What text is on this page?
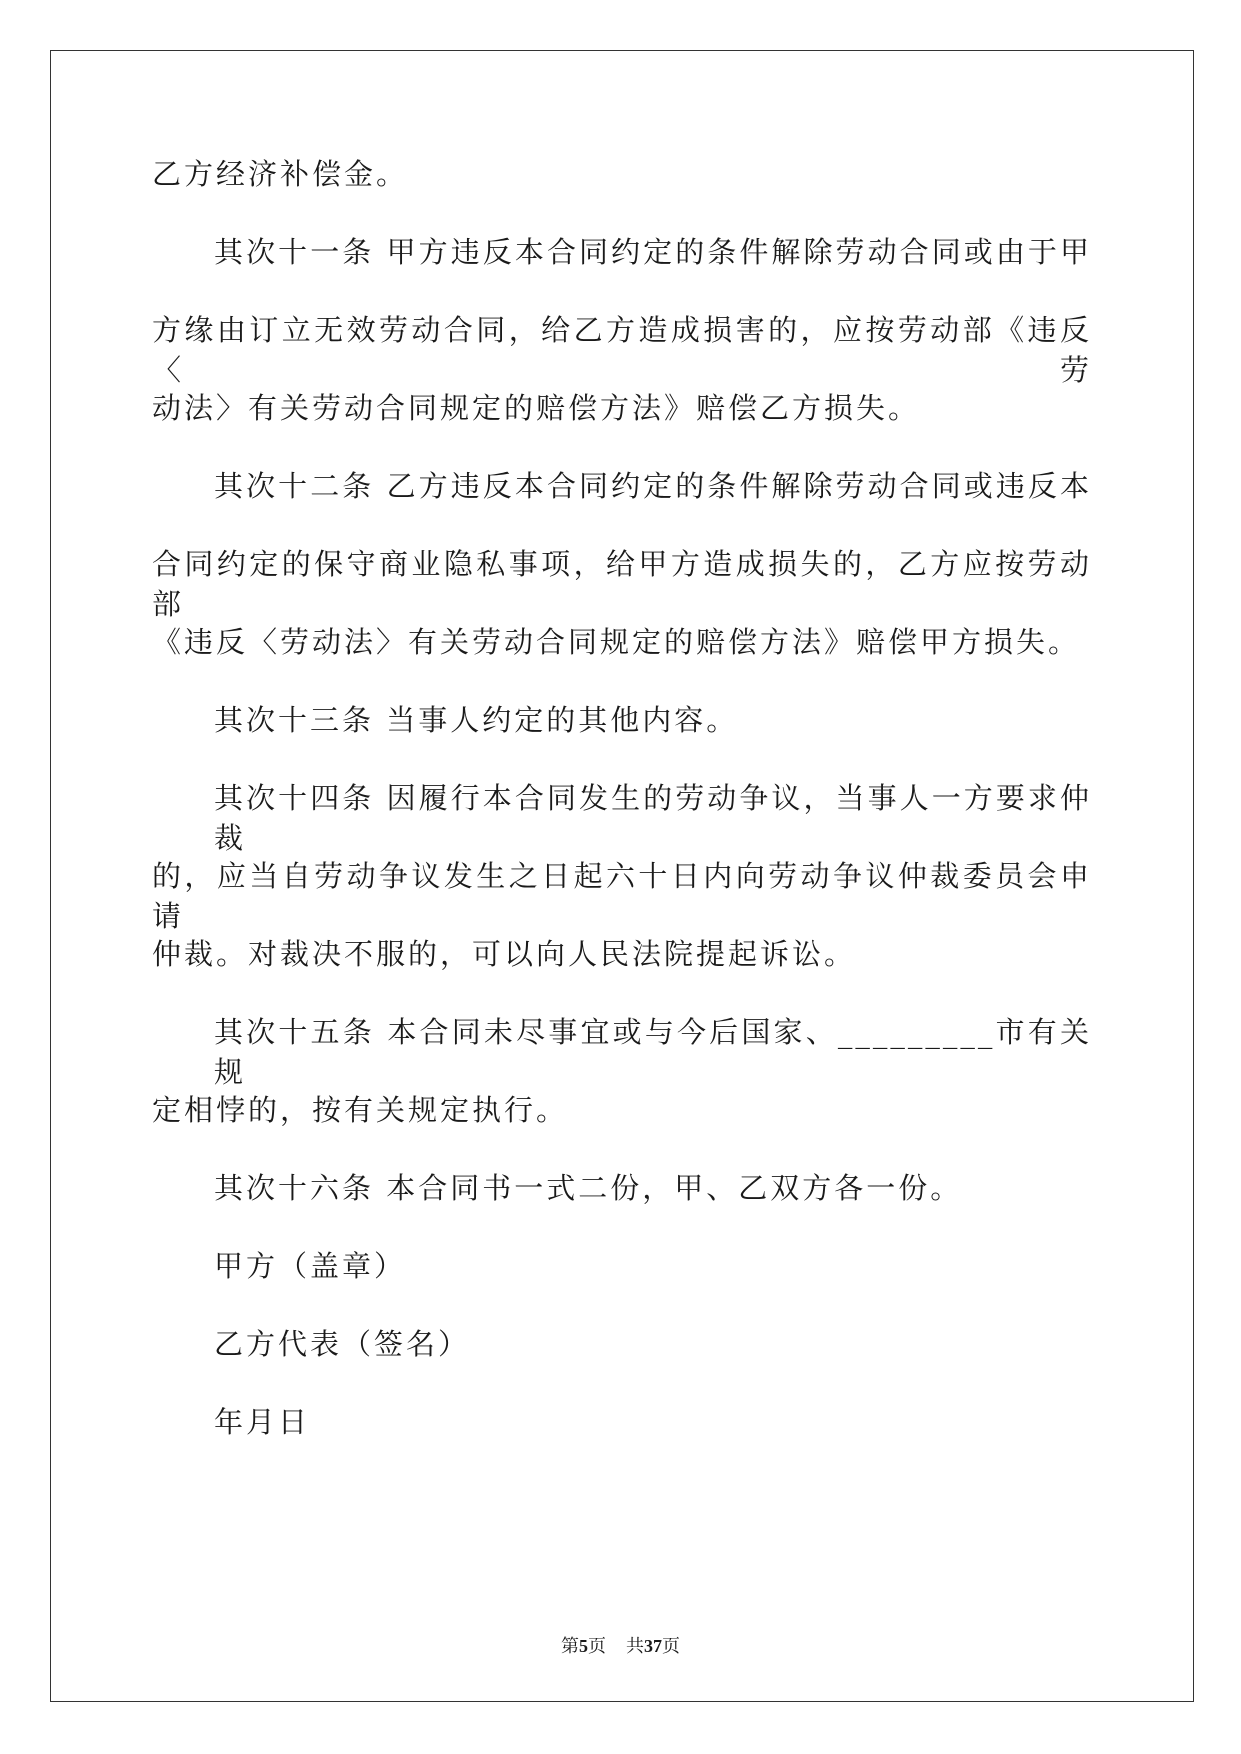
乙方经济补偿金。

其次十一条 甲方违反本合同约定的条件解除劳动合同或由于甲

方缘由订立无效劳动合同，给乙方造成损害的，应按劳动部《违反〈劳

动法〉有关劳动合同规定的赔偿方法》赔偿乙方损失。

其次十二条 乙方违反本合同约定的条件解除劳动合同或违反本

合同约定的保守商业隐私事项，给甲方造成损失的，乙方应按劳动部

《违反〈劳动法〉有关劳动合同规定的赔偿方法》赔偿甲方损失。

其次十三条 当事人约定的其他内容。

其次十四条 因履行本合同发生的劳动争议，当事人一方要求仲裁

的，应当自劳动争议发生之日起六十日内向劳动争议仲裁委员会申请

仲裁。对裁决不服的，可以向人民法院提起诉讼。

其次十五条 本合同未尽事宜或与今后国家、_________市有关规

定相悖的，按有关规定执行。

其次十六条 本合同书一式二份，甲、乙双方各一份。

甲方（盖章）

乙方代表（签名）

年月日

第5页 共37页
